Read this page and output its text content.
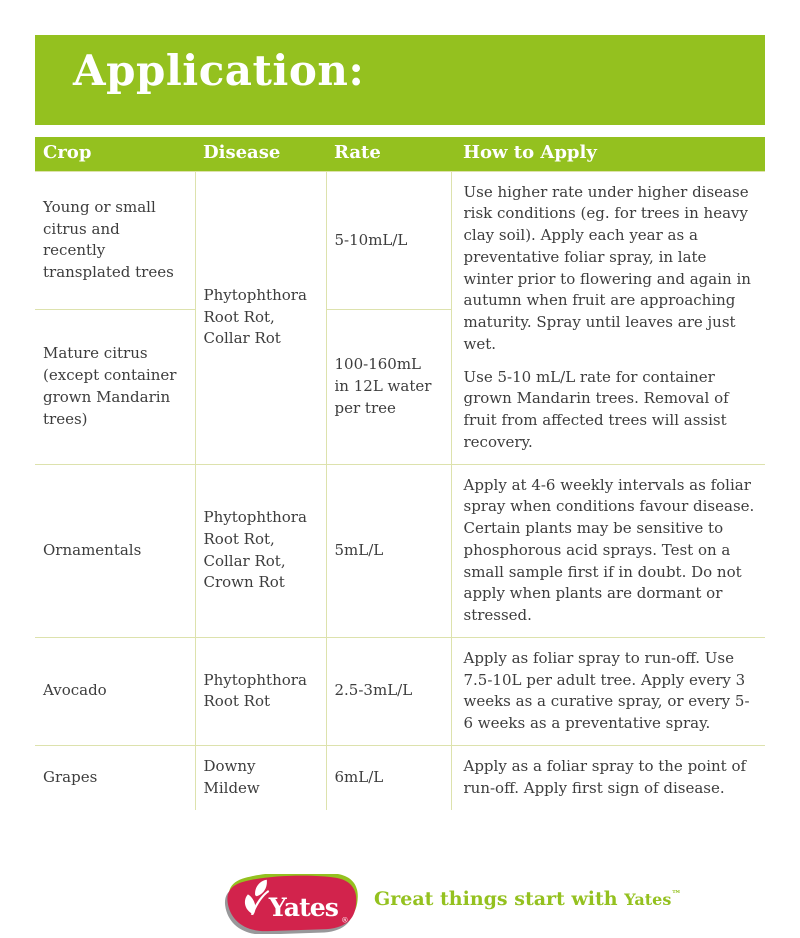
Application:
Crop	Disease	Rate	How to Apply
Young or small citrus and recently transplated trees	Phytophthora Root Rot, Collar Rot	5-10mL/L	Use higher rate under higher disease risk conditions (eg. for trees in heavy clay soil). Apply each year as a preventative foliar spray, in late winter prior to flowering and again in autumn when fruit are approaching maturity. Spray until leaves are just wet.

Use 5-10 mL/L rate for container grown Mandarin trees. Removal of fruit from affected trees will assist recovery.

Mature citrus (except container grown Mandarin trees)		100-160mL in 12L water per tree	
Ornamentals	Phytophthora Root Rot, Collar Rot, Crown Rot	5mL/L	Apply at 4-6 weekly intervals as foliar spray when conditions favour disease. Certain plants may be sensitive to phosphorous acid sprays. Test on a small sample first if in doubt. Do not apply when plants are dormant or stressed.

Avocado	Phytophthora Root Rot	2.5-3mL/L	Apply as foliar spray to run-off. Use 7.5-10L per adult tree. Apply every 3 weeks as a curative spray, or every 5-6 weeks as a preventative spray.

Grapes	Downy Mildew	6mL/L	Apply as a foliar spray to the point of run-off. Apply first sign of disease.

Yates ®
Great things start with Yates™
